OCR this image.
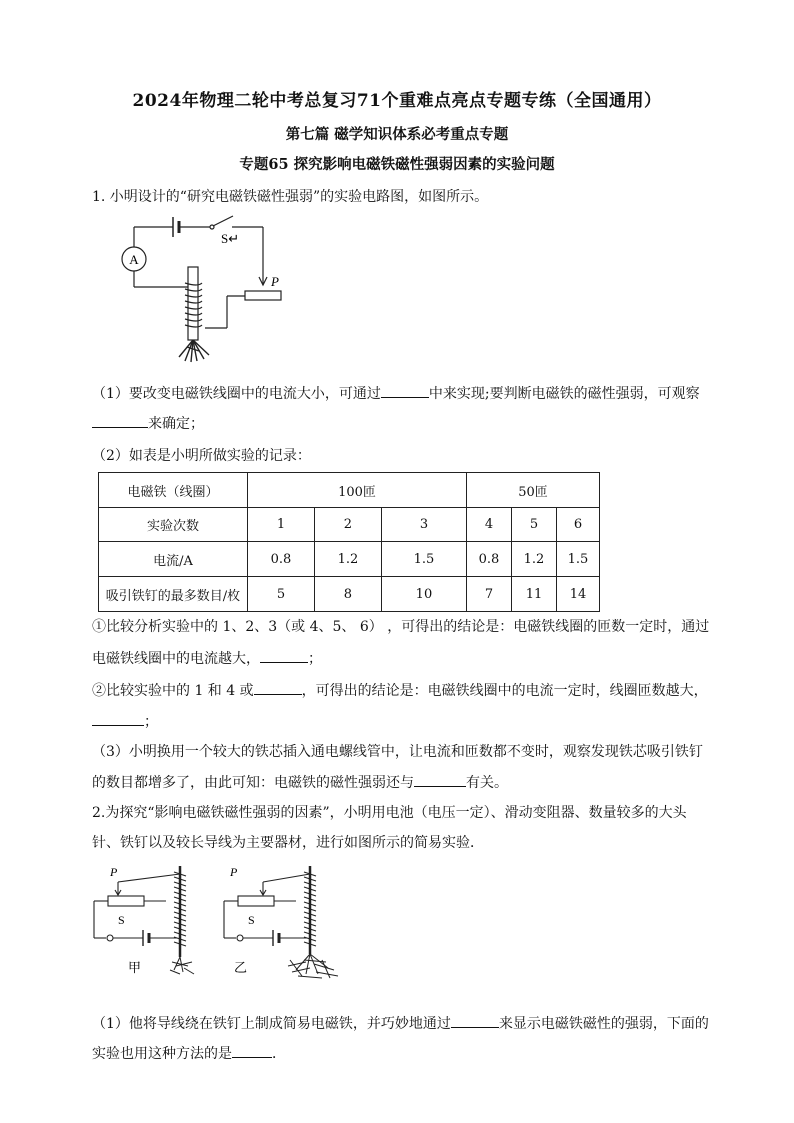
2024年物理二轮中考总复习71个重难点亮点专题专练（全国通用）
第七篇 磁学知识体系必考重点专题
专题65 探究影响电磁铁磁性强弱因素的实验问题
1. 小明设计的“研究电磁铁磁性强弱”的实验电路图，如图所示。
A
S↵
P
（1）要改变电磁铁线圈中的电流大小，可通过	中来实现;要判断电磁铁的磁性强弱，可观察
来确定；
（2）如表是小明所做实验的记录：
电磁铁（线圈）	100匝			50匝		
实验次数	1	2	3	4	5	6
电流/A	0.8	1.2	1.5	0.8	1.2	1.5
吸引铁钉的最多数目/枚	5	8	10	7	11	14
①比较分析实验中的 1、2、3（或 4、5、 6） ，可得出的结论是：电磁铁线圈的匝数一定时，通过
电磁铁线圈中的电流越大，	；
②比较实验中的 1 和 4 或	，可得出的结论是：电磁铁线圈中的电流一定时，线圈匝数越大，
；
（3）小明换用一个较大的铁芯插入通电螺线管中，让电流和匝数都不变时，观察发现铁芯吸引铁钉
的数目都增多了，由此可知：电磁铁的磁性强弱还与	有关。
2.为探究“影响电磁铁磁性强弱的因素”，小明用电池（电压一定）、滑动变阻器、数量较多的大头
针、铁钉以及较长导线为主要器材，进行如图所示的简易实验．
P
S
甲
P
S
乙
（1）他将导线绕在铁钉上制成简易电磁铁，并巧妙地通过	来显示电磁铁磁性的强弱，下面的
实验也用这种方法的是	．
